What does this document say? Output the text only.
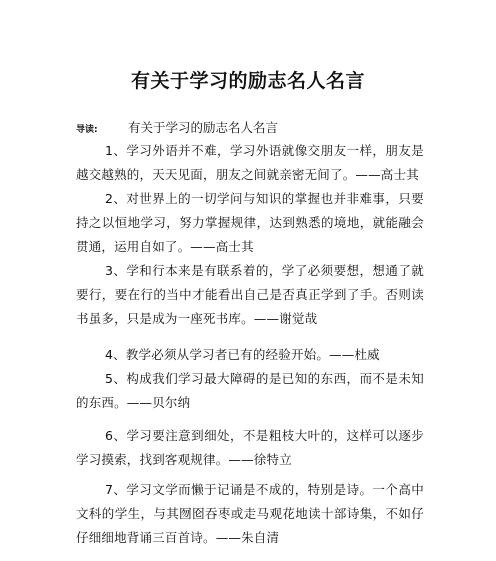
有关于学习的励志名人名言
导读: 有关于学习的励志名人名言
1、学习外语并不难，学习外语就像交朋友一样，朋友是越交越熟的，天天见面，朋友之间就亲密无间了。——高士其
2、对世界上的一切学问与知识的掌握也并非难事，只要持之以恒地学习，努力掌握规律，达到熟悉的境地，就能融会贯通，运用自如了。——高士其
3、学和行本来是有联系着的，学了必须要想，想通了就要行，要在行的当中才能看出自己是否真正学到了手。否则读书虽多，只是成为一座死书库。——谢觉哉
4、教学必须从学习者已有的经验开始。——杜威
5、构成我们学习最大障碍的是已知的东西，而不是未知的东西。——贝尔纳
6、学习要注意到细处，不是粗枝大叶的，这样可以逐步学习摸索，找到客观规律。——徐特立
7、学习文学而懒于记诵是不成的，特别是诗。一个高中文科的学生，与其囫囵吞枣或走马观花地读十部诗集，不如仔仔细细地背诵三百首诗。——朱自清
